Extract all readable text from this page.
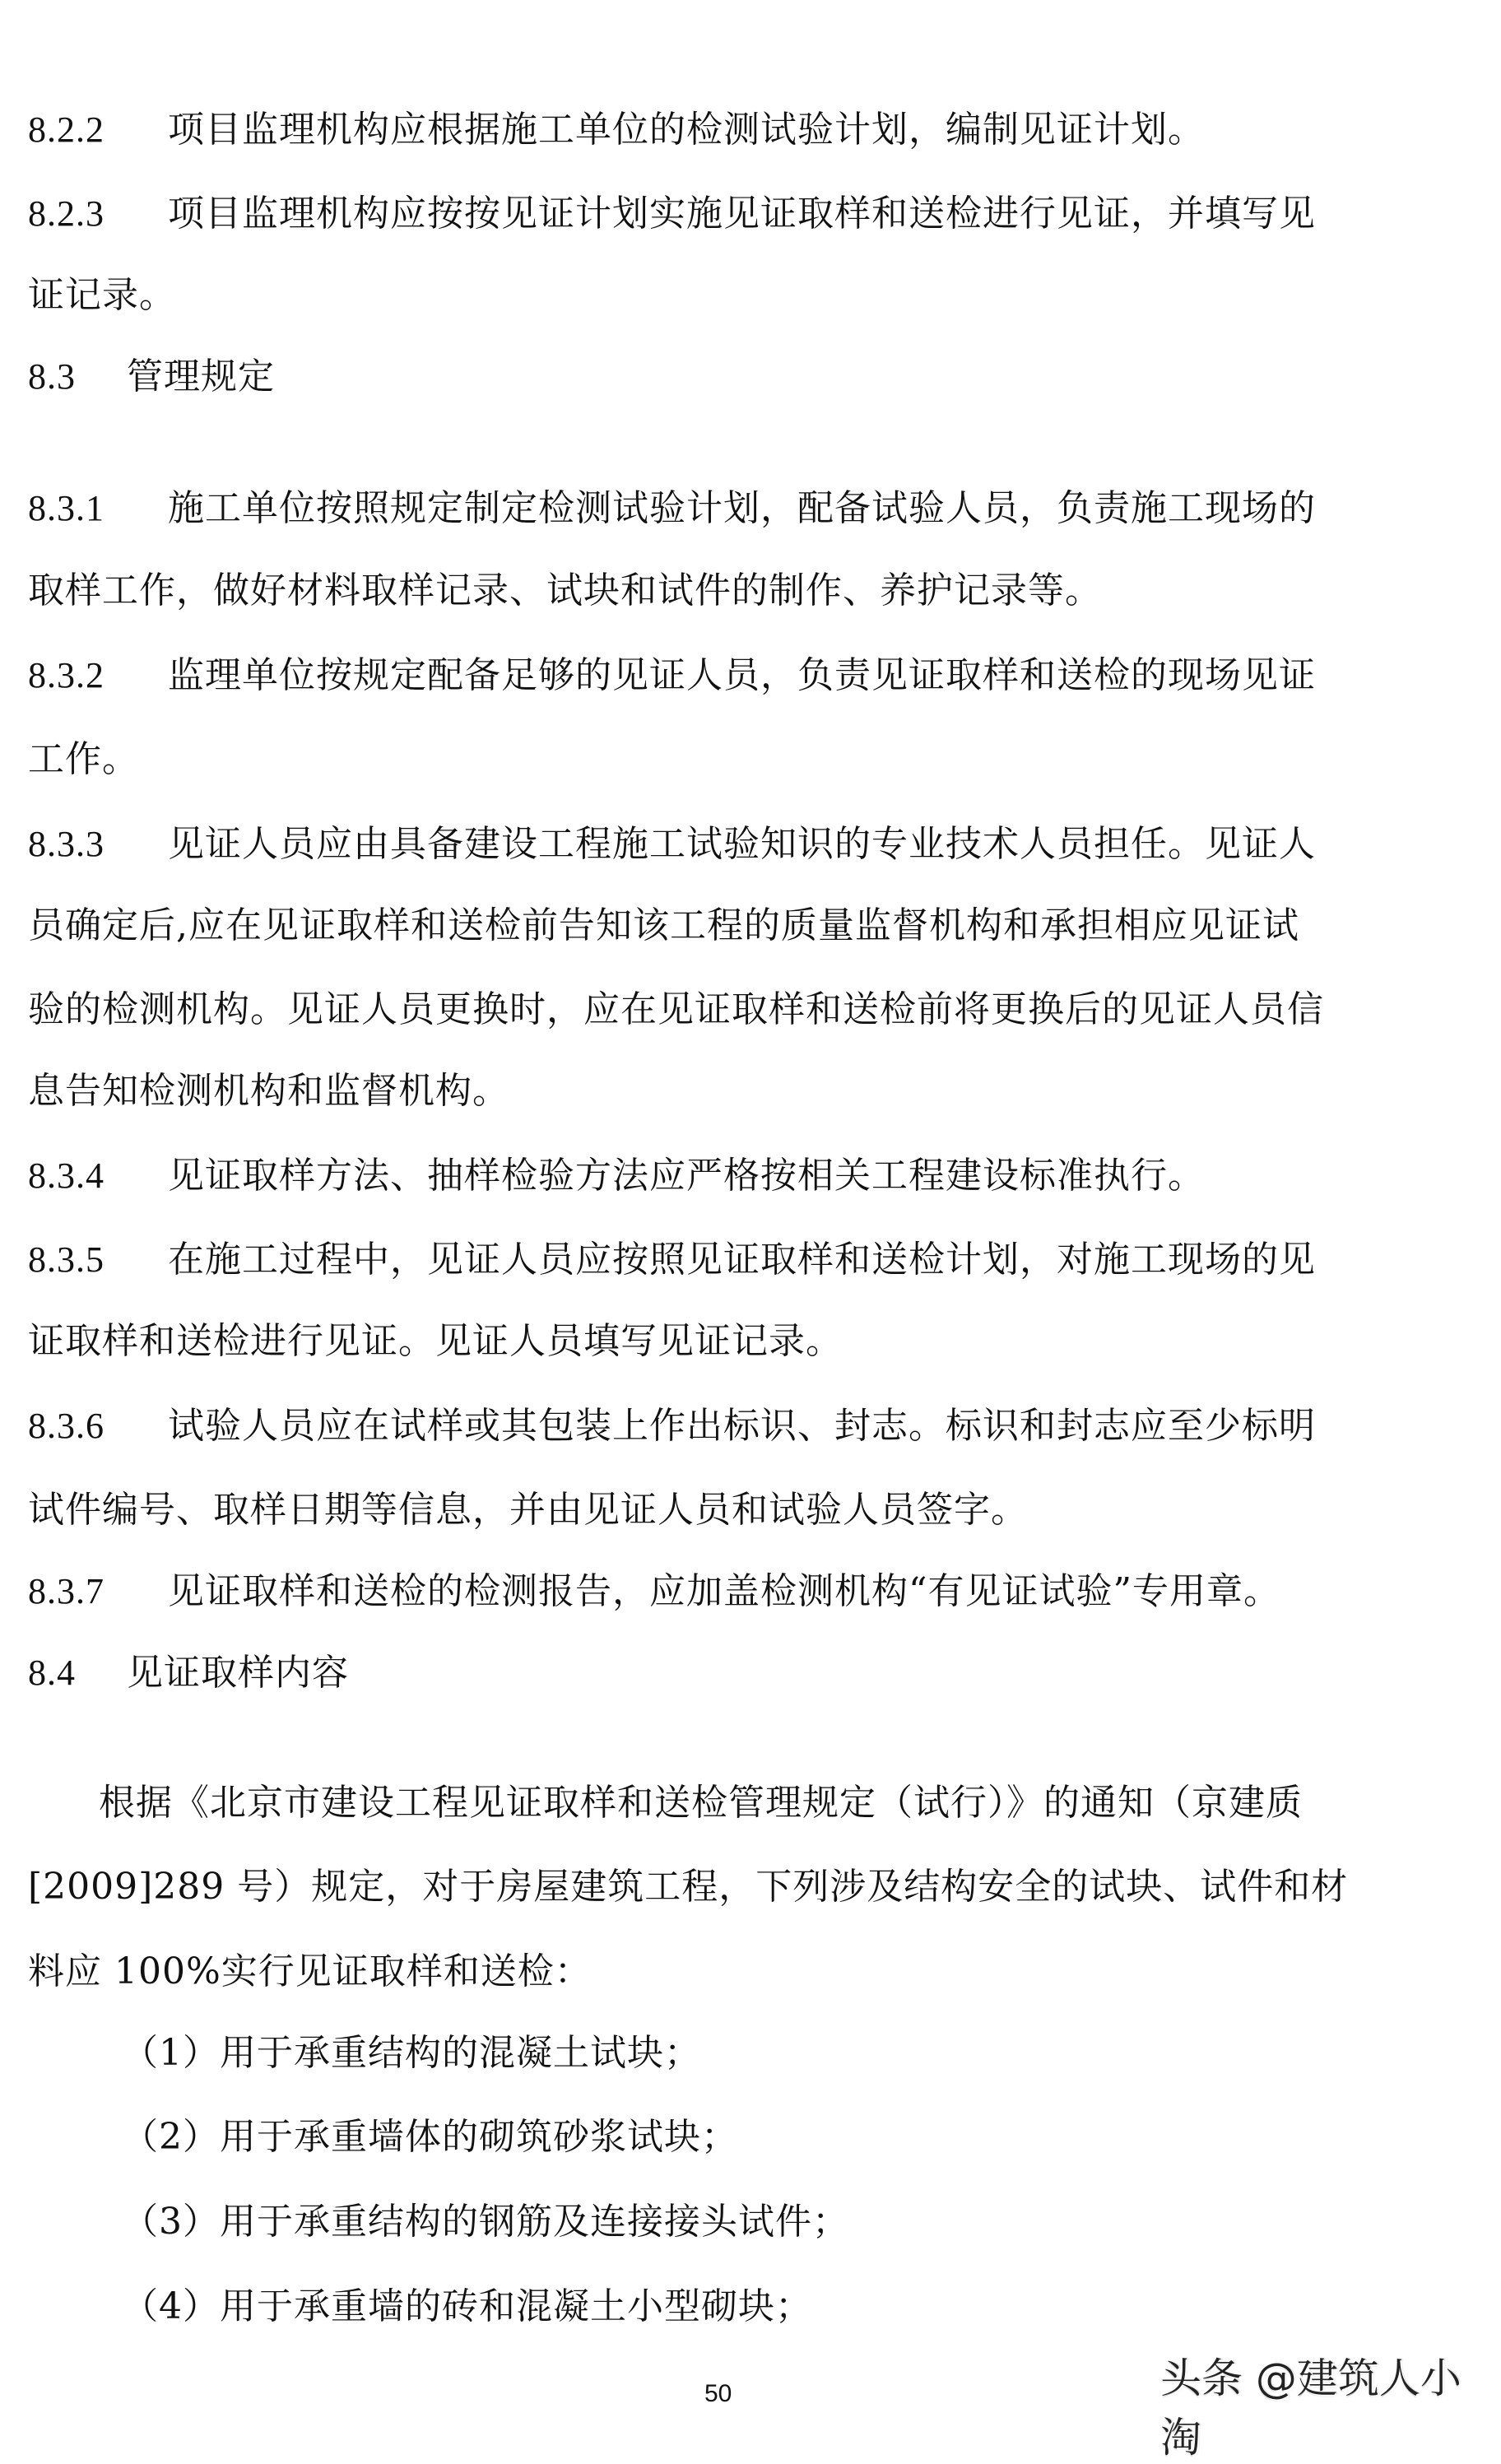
8.2.2 项目监理机构应根据施工单位的检测试验计划，编制见证计划。
8.2.3 项目监理机构应按按见证计划实施见证取样和送检进行见证，并填写见
证记录。
8.3 管理规定
8.3.1 施工单位按照规定制定检测试验计划，配备试验人员，负责施工现场的
取样工作，做好材料取样记录、试块和试件的制作、养护记录等。
8.3.2 监理单位按规定配备足够的见证人员，负责见证取样和送检的现场见证
工作。
8.3.3 见证人员应由具备建设工程施工试验知识的专业技术人员担任。见证人
员确定后,应在见证取样和送检前告知该工程的质量监督机构和承担相应见证试
验的检测机构。见证人员更换时，应在见证取样和送检前将更换后的见证人员信
息告知检测机构和监督机构。
8.3.4 见证取样方法、抽样检验方法应严格按相关工程建设标准执行。
8.3.5 在施工过程中，见证人员应按照见证取样和送检计划，对施工现场的见
证取样和送检进行见证。见证人员填写见证记录。
8.3.6 试验人员应在试样或其包装上作出标识、封志。标识和封志应至少标明
试件编号、取样日期等信息，并由见证人员和试验人员签字。
8.3.7 见证取样和送检的检测报告，应加盖检测机构“有见证试验”专用章。
8.4 见证取样内容
根据《北京市建设工程见证取样和送检管理规定（试行）》的通知（京建质
[2009]289 号）规定，对于房屋建筑工程，下列涉及结构安全的试块、试件和材
料应 100%实行见证取样和送检：
（1）用于承重结构的混凝土试块；
（2）用于承重墙体的砌筑砂浆试块；
（3）用于承重结构的钢筋及连接接头试件；
（4）用于承重墙的砖和混凝土小型砌块；
50	头条 @建筑人小淘
